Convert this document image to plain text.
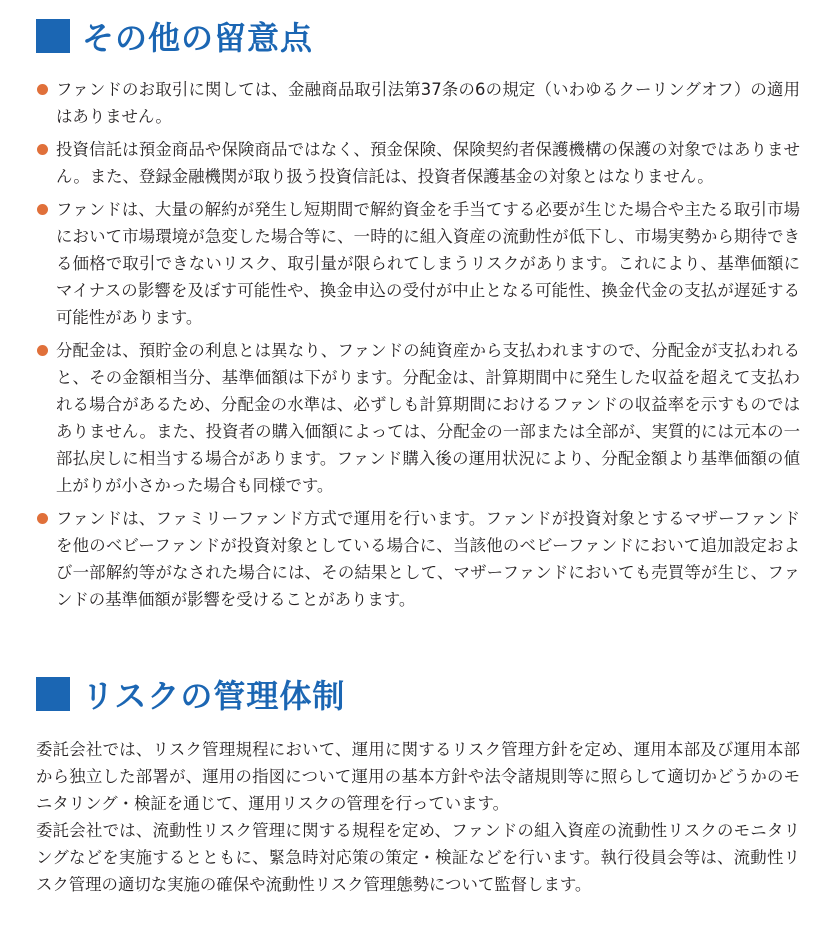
その他の留意点
ファンドのお取引に関しては、金融商品取引法第37条の6の規定（いわゆるクーリングオフ）の適用はありません。
投資信託は預金商品や保険商品ではなく、預金保険、保険契約者保護機構の保護の対象ではありません。また、登録金融機関が取り扱う投資信託は、投資者保護基金の対象とはなりません。
ファンドは、大量の解約が発生し短期間で解約資金を手当てする必要が生じた場合や主たる取引市場において市場環境が急変した場合等に、一時的に組入資産の流動性が低下し、市場実勢から期待できる価格で取引できないリスク、取引量が限られてしまうリスクがあります。これにより、基準価額にマイナスの影響を及ぼす可能性や、換金申込の受付が中止となる可能性、換金代金の支払が遅延する可能性があります。
分配金は、預貯金の利息とは異なり、ファンドの純資産から支払われますので、分配金が支払われると、その金額相当分、基準価額は下がります。分配金は、計算期間中に発生した収益を超えて支払われる場合があるため、分配金の水準は、必ずしも計算期間におけるファンドの収益率を示すものではありません。また、投資者の購入価額によっては、分配金の一部または全部が、実質的には元本の一部払戻しに相当する場合があります。ファンド購入後の運用状況により、分配金額より基準価額の値上がりが小さかった場合も同様です。
ファンドは、ファミリーファンド方式で運用を行います。ファンドが投資対象とするマザーファンドを他のベビーファンドが投資対象としている場合に、当該他のベビーファンドにおいて追加設定および一部解約等がなされた場合には、その結果として、マザーファンドにおいても売買等が生じ、ファンドの基準価額が影響を受けることがあります。
リスクの管理体制

委託会社では、リスク管理規程において、運用に関するリスク管理方針を定め、運用本部及び運用本部から独立した部署が、運用の指図について運用の基本方針や法令諸規則等に照らして適切かどうかのモニタリング・検証を通じて、運用リスクの管理を行っています。

委託会社では、流動性リスク管理に関する規程を定め、ファンドの組入資産の流動性リスクのモニタリングなどを実施するとともに、緊急時対応策の策定・検証などを行います。執行役員会等は、流動性リスク管理の適切な実施の確保や流動性リスク管理態勢について監督します。
